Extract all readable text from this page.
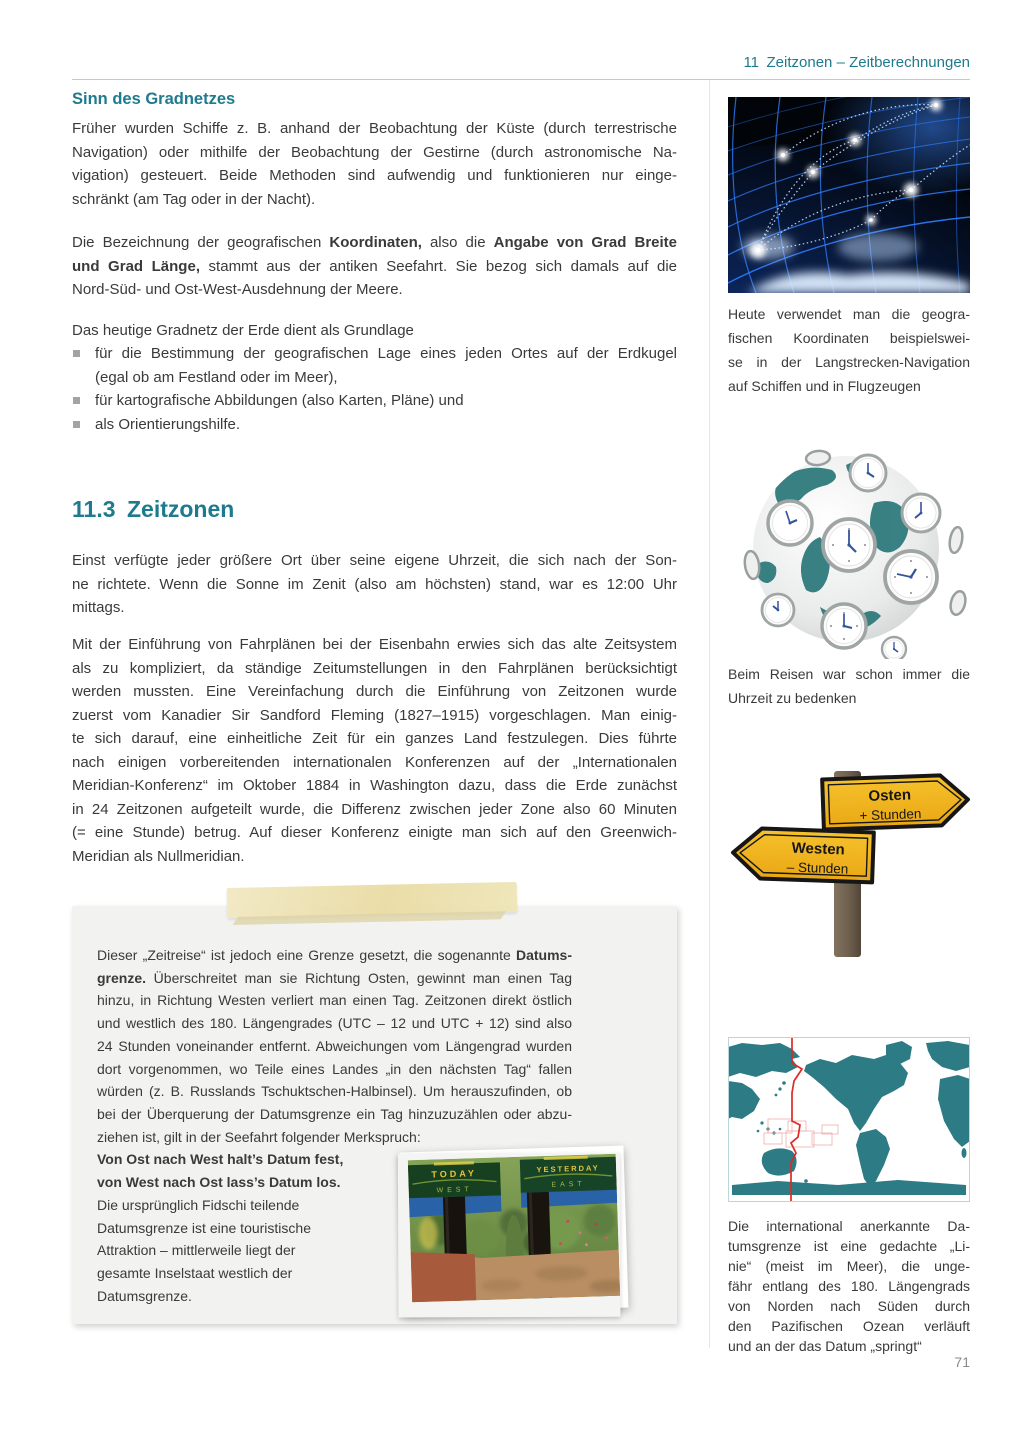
11 Zeitzonen – Zeitberechnungen
Sinn des Gradnetzes
Früher wurden Schiffe z. B. anhand der Beobachtung der Küste (durch terrestrische
Navigation) oder mithilfe der Beobachtung der Gestirne (durch astronomische Na-
vigation) gesteuert. Beide Methoden sind aufwendig und funktionieren nur einge-
schränkt (am Tag oder in der Nacht).
Die Bezeichnung der geografischen Koordinaten, also die Angabe von Grad Breite
und Grad Länge, stammt aus der antiken Seefahrt. Sie bezog sich damals auf die
Nord-Süd- und Ost-West-Ausdehnung der Meere.
Das heutige Gradnetz der Erde dient als Grundlage
für die Bestimmung der geografischen Lage eines jeden Ortes auf der Erdkugel
(egal ob am Festland oder im Meer),
für kartografische Abbildungen (also Karten, Pläne) und
als Orientierungshilfe.
11.3 Zeitzonen
Einst verfügte jeder größere Ort über seine eigene Uhrzeit, die sich nach der Son-
ne richtete. Wenn die Sonne im Zenit (also am höchsten) stand, war es 12:00 Uhr
mittags.
Mit der Einführung von Fahrplänen bei der Eisenbahn erwies sich das alte Zeitsystem
als zu kompliziert, da ständige Zeitumstellungen in den Fahrplänen berücksichtigt
werden mussten. Eine Vereinfachung durch die Einführung von Zeitzonen wurde
zuerst vom Kanadier Sir Sandford Fleming (1827–1915) vorgeschlagen. Man einig-
te sich darauf, eine einheitliche Zeit für ein ganzes Land festzulegen. Dies führte
nach einigen vorbereitenden internationalen Konferenzen auf der „Internationalen
Meridian-Konferenz“ im Oktober 1884 in Washington dazu, dass die Erde zunächst
in 24 Zeitzonen aufgeteilt wurde, die Differenz zwischen jeder Zone also 60 Minuten
(= eine Stunde) betrug. Auf dieser Konferenz einigte man sich auf den Greenwich-
Meridian als Nullmeridian.
Dieser „Zeitreise“ ist jedoch eine Grenze gesetzt, die sogenannte Datums-
grenze. Überschreitet man sie Richtung Osten, gewinnt man einen Tag
hinzu, in Richtung Westen verliert man einen Tag. Zeitzonen direkt östlich
und westlich des 180. Längengrades (UTC – 12 und UTC + 12) sind also
24 Stunden voneinander entfernt. Abweichungen vom Längengrad wurden
dort vorgenommen, wo Teile eines Landes „in den nächsten Tag“ fallen
würden (z. B. Russlands Tschuktschen-Halbinsel). Um herauszufinden, ob
bei der Überquerung der Datumsgrenze ein Tag hinzuzuzählen oder abzu-
ziehen ist, gilt in der Seefahrt folgender Merkspruch:
Von Ost nach West halt’s Datum fest,
von West nach Ost lass’s Datum los.
Die ursprünglich Fidschi teilende
Datumsgrenze ist eine touristische
Attraktion – mittlerweile liegt der
gesamte Inselstaat westlich der
Datumsgrenze.
TODAY
WEST
YESTERDAY
EAST
Heute verwendet man die geogra-
fischen Koordinaten beispielswei-
se in der Langstrecken-Navigation
auf Schiffen und in Flugzeugen
Beim Reisen war schon immer die
Uhrzeit zu bedenken
Osten
+ Stunden
Westen
– Stunden
Die international anerkannte Da-
tumsgrenze ist eine gedachte „Li-
nie“ (meist im Meer), die unge-
fähr entlang des 180. Längengrads
von Norden nach Süden durch
den Pazifischen Ozean verläuft
und an der das Datum „springt“
71
